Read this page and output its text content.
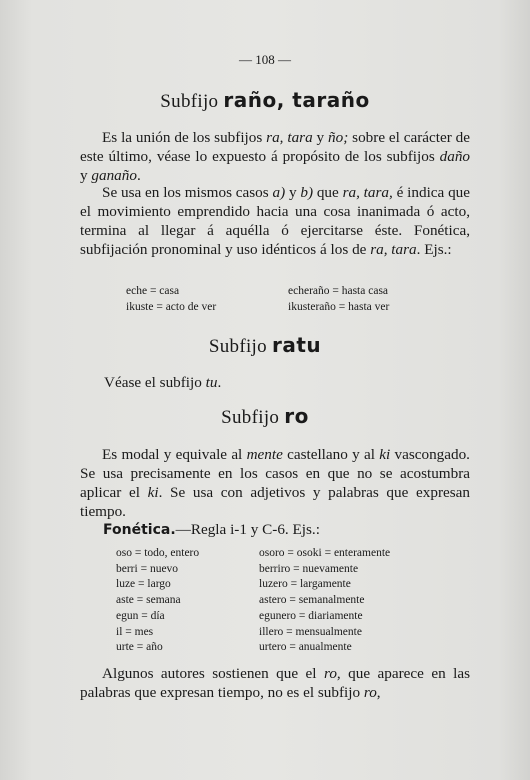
— 108 —
Subfijo raño, taraño
Es la unión de los subfijos ra, tara y ño; sobre el carácter de este último, véase lo expuesto á propósito de los subfijos daño y ganaño.
Se usa en los mismos casos a) y b) que ra, tara, é indica que el movimiento emprendido hacia una cosa inanimada ó acto, termina al llegar á aquélla ó ejercitarse éste. Fonética, subfijación pronominal y uso idénticos á los de ra, tara. Ejs.:
eche = casa
ikuste = acto de ver
echeraño = hasta casa
ikusteraño = hasta ver
Subfijo ratu
Véase el subfijo tu.
Subfijo ro
Es modal y equivale al mente castellano y al ki vascongado. Se usa precisamente en los casos en que no se acostumbra aplicar el ki. Se usa con adjetivos y palabras que expresan tiempo.
Fonética.—Regla i-1 y C-6. Ejs.:
oso = todo, entero
berri = nuevo
luze = largo
aste = semana
egun = día
il = mes
urte = año
osoro = osoki = enteramente
berriro = nuevamente
luzero = largamente
astero = semanalmente
egunero = diariamente
illero = mensualmente
urtero = anualmente
Algunos autores sostienen que el ro, que aparece en las palabras que expresan tiempo, no es el subfijo ro,
